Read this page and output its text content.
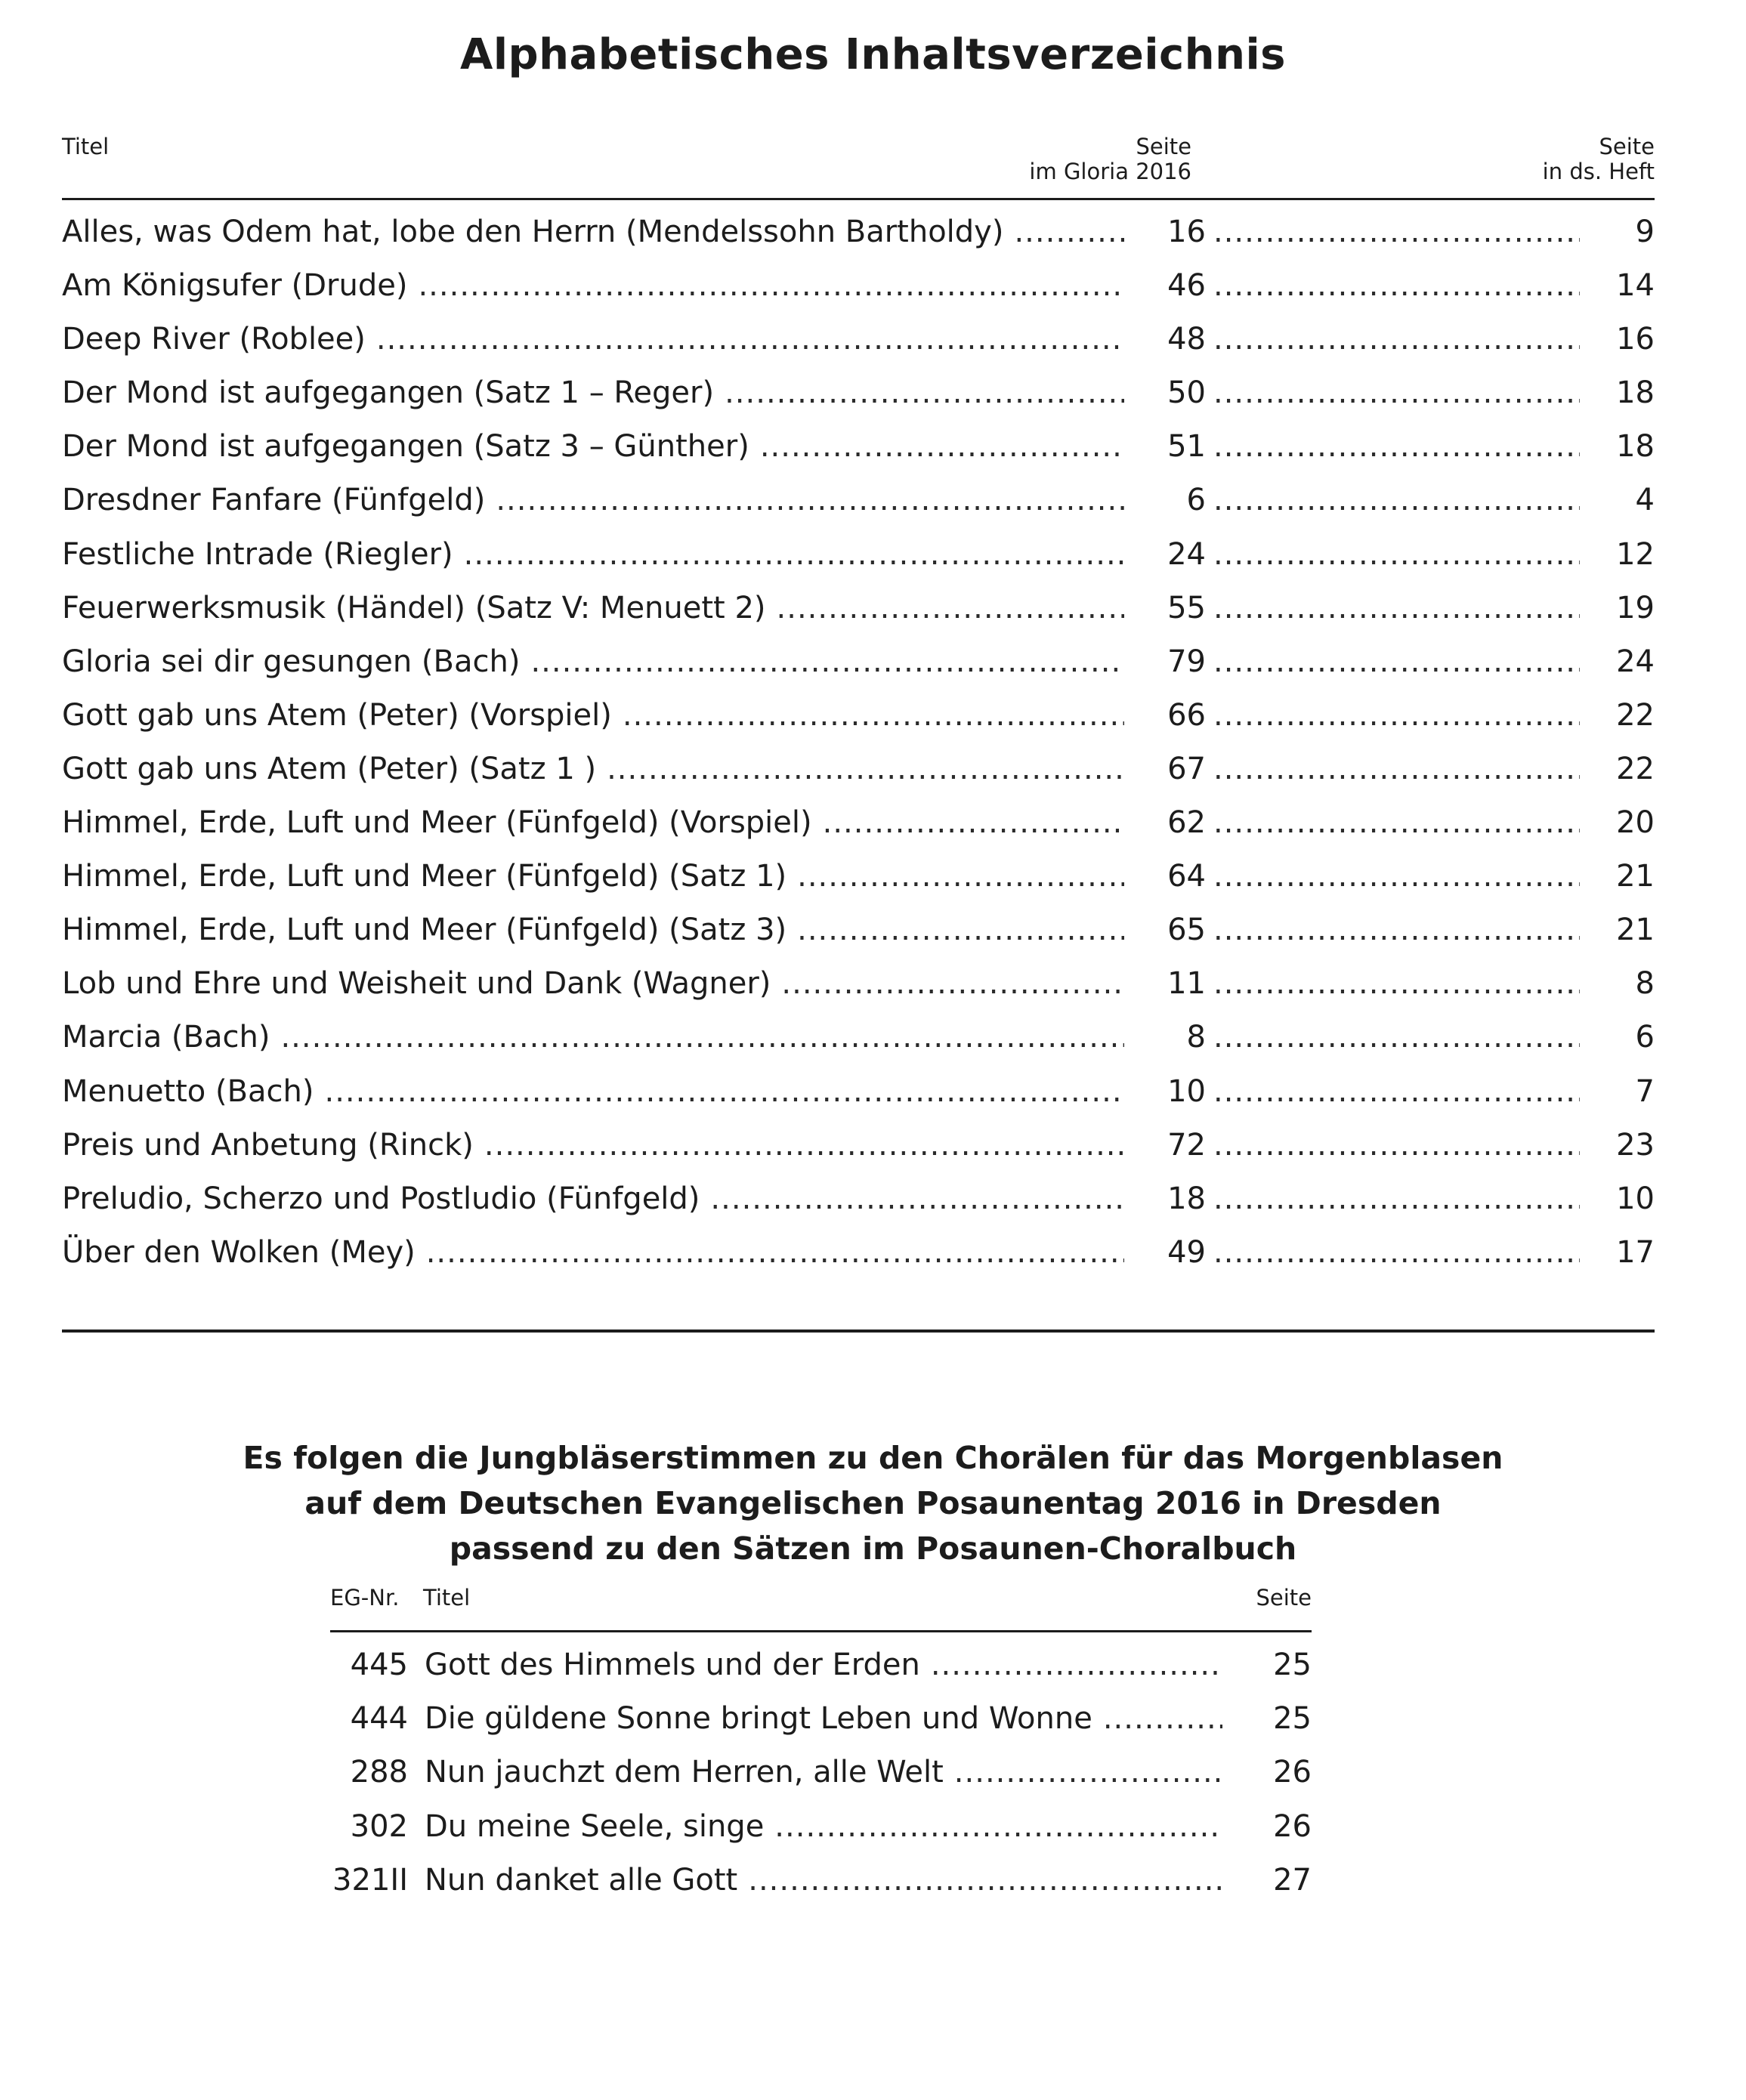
Alphabetisches Inhaltsverzeichnis
Titel	Seite
im Gloria 2016
Seite
in ds. Heft
Alles, was Odem hat, lobe den Herrn (Mendelssohn Bartholdy) .....	16 .....	9
Am Königsufer (Drude) .....	46 .....	14
Deep River (Roblee) .....	48 .....	16
Der Mond ist aufgegangen (Satz 1 – Reger) .....	50 .....	18
Der Mond ist aufgegangen (Satz 3 – Günther) .....	51 .....	18
Dresdner Fanfare (Fünfgeld) .....	6 .....	4
Festliche Intrade (Riegler) .....	24 .....	12
Feuerwerksmusik (Händel) (Satz V: Menuett 2) .....	55 .....	19
Gloria sei dir gesungen (Bach) .....	79 .....	24
Gott gab uns Atem (Peter) (Vorspiel) .....	66 .....	22
Gott gab uns Atem (Peter) (Satz 1 ) .....	67 .....	22
Himmel, Erde, Luft und Meer (Fünfgeld) (Vorspiel) .....	62 .....	20
Himmel, Erde, Luft und Meer (Fünfgeld) (Satz 1) .....	64 .....	21
Himmel, Erde, Luft und Meer (Fünfgeld) (Satz 3) .....	65 .....	21
Lob und Ehre und Weisheit und Dank (Wagner) .....	11 .....	8
Marcia (Bach) .....	8 .....	6
Menuetto (Bach) .....	10 .....	7
Preis und Anbetung (Rinck) .....	72 .....	23
Preludio, Scherzo und Postludio (Fünfgeld) .....	18 .....	10
Über den Wolken (Mey) .....	49 .....	17
Es folgen die Jungbläserstimmen zu den Chorälen für das Morgenblasen
auf dem Deutschen Evangelischen Posaunentag 2016 in Dresden
passend zu den Sätzen im Posaunen-Choralbuch
EG-Nr. Titel	Seite
445 Gott des Himmels und der Erden .....	25
444 Die güldene Sonne bringt Leben und Wonne .....	25
288 Nun jauchzt dem Herren, alle Welt .....	26
302 Du meine Seele, singe .....	26
321II Nun danket alle Gott .....	27
